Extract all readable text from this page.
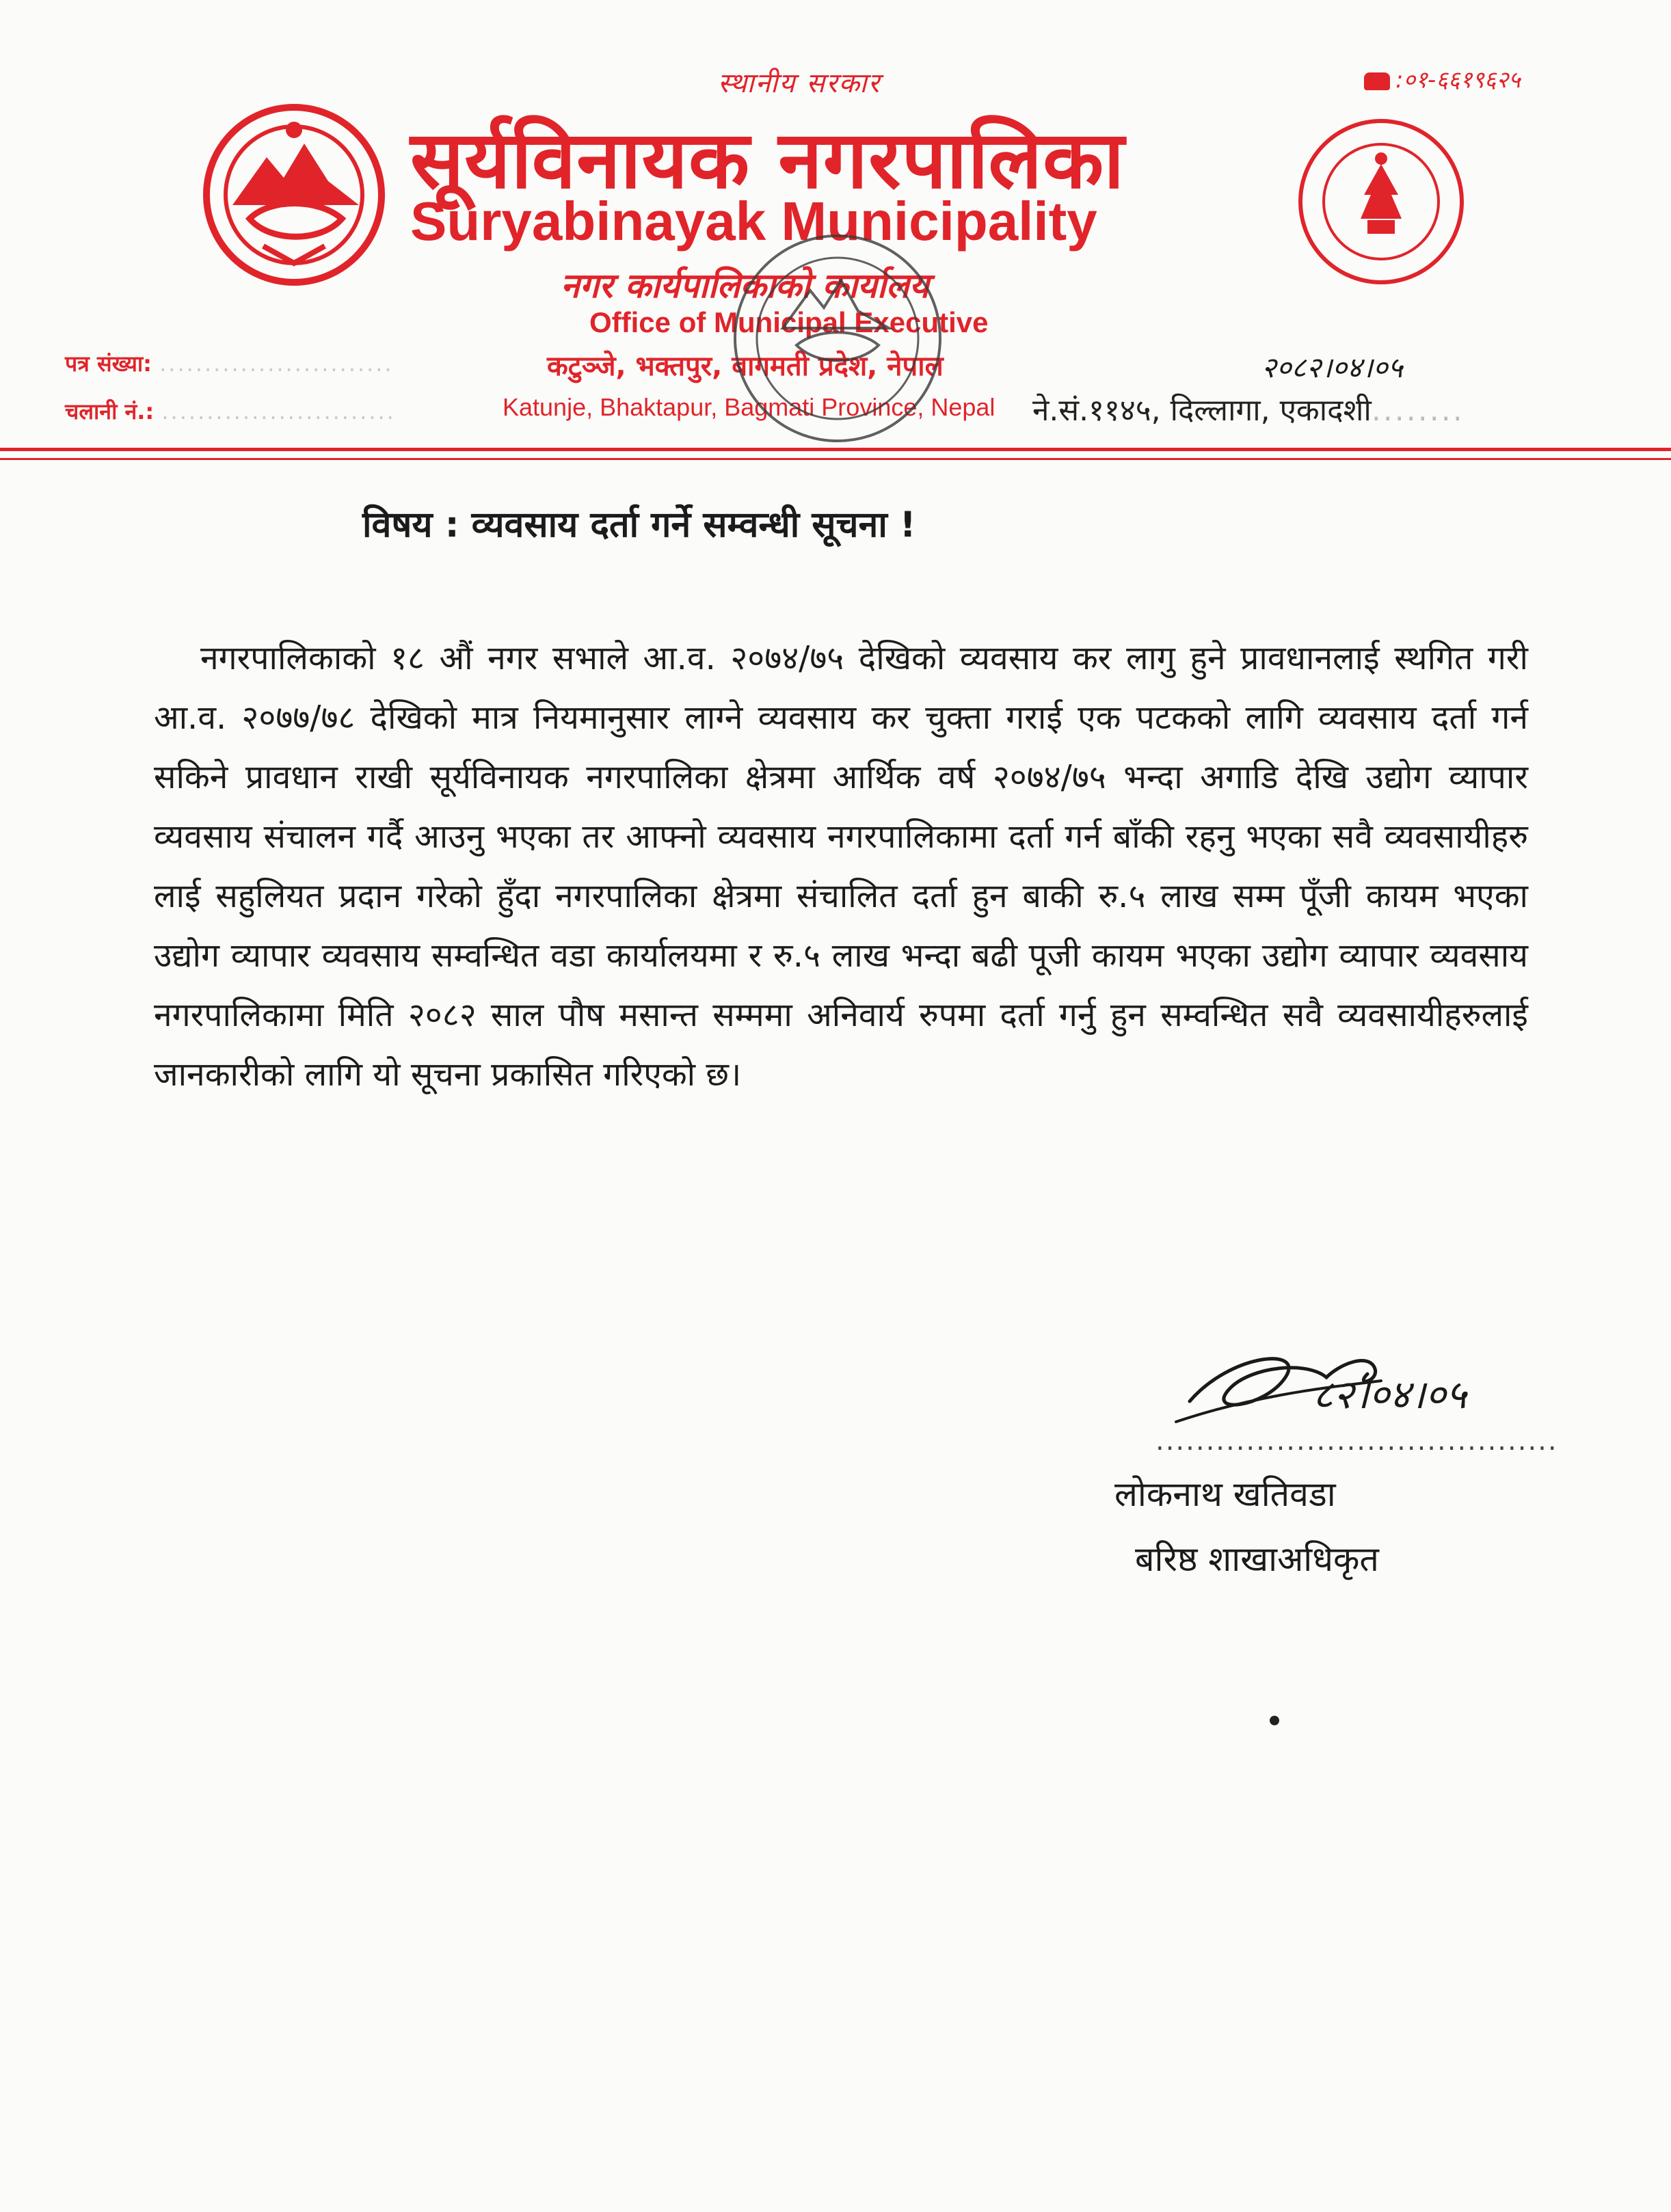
स्थानीय सरकार	:०१-६६१९६२५
सूर्यविनायक नगरपालिका
Suryabinayak Municipality
नगर कार्यपालिकाको कार्यालय
Office of Municipal Executive
कटुञ्जे, भक्तपुर, बागमती प्रदेश, नेपाल
Katunje, Bhaktapur, Bagmati Province, Nepal
पत्र संख्या: ..........................
चलानी नं.: ..........................
२०८२।०४।०५
ने.सं.११४५, दिल्लागा, एकादशी........
विषय : व्यवसाय दर्ता गर्ने सम्वन्धी सूचना !
नगरपालिकाको १८ औं नगर सभाले आ.व. २०७४/७५ देखिको व्यवसाय कर लागु हुने प्रावधानलाई स्थगित गरी आ.व. २०७७/७८ देखिको मात्र नियमानुसार लाग्ने व्यवसाय कर चुक्ता गराई एक पटकको लागि व्यवसाय दर्ता गर्न सकिने प्रावधान राखी सूर्यविनायक नगरपालिका क्षेत्रमा आर्थिक वर्ष २०७४/७५ भन्दा अगाडि देखि उद्योग व्यापार व्यवसाय संचालन गर्दै आउनु भएका तर आफ्नो व्यवसाय नगरपालिकामा दर्ता गर्न बाँकी रहनु भएका सवै व्यवसायीहरु लाई सहुलियत प्रदान गरेको हुँदा नगरपालिका क्षेत्रमा संचालित दर्ता हुन बाकी रु.५ लाख सम्म पूँजी कायम भएका उद्योग व्यापार व्यवसाय सम्वन्धित वडा कार्यालयमा र रु.५ लाख भन्दा बढी पूजी कायम भएका उद्योग व्यापार व्यवसाय नगरपालिकामा मिति २०८२ साल पौष मसान्त सम्ममा अनिवार्य रुपमा दर्ता गर्नु हुन सम्वन्धित सवै व्यवसायीहरुलाई जानकारीको लागि यो सूचना प्रकासित गरिएको छ।
८२।०४।०५
........................................
लोकनाथ खतिवडा
बरिष्ठ शाखाअधिकृत
